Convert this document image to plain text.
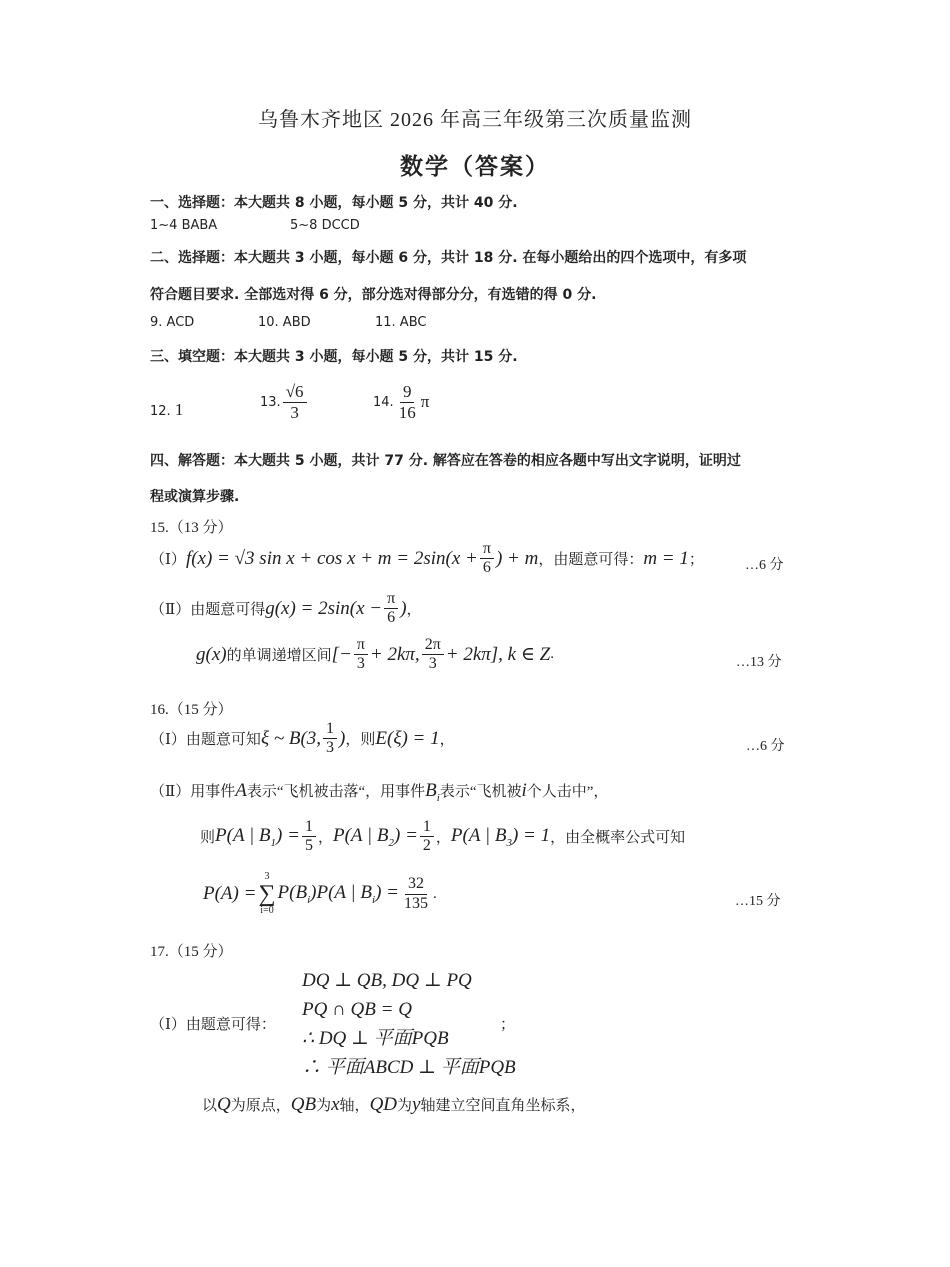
乌鲁木齐地区 2026 年高三年级第三次质量监测
数学（答案）
一、选择题：本大题共 8 小题，每小题 5 分，共计 40 分.
1~4 BABA	5~8 DCCD
二、选择题：本大题共 3 小题，每小题 6 分，共计 18 分. 在每小题给出的四个选项中，有多项
符合题目要求. 全部选对得 6 分，部分选对得部分分，有选错的得 0 分.
9. ACD	10. ABD	11. ABC
三、填空题：本大题共 3 小题，每小题 5 分，共计 15 分.
12. 1	13. $\frac{√6}{3}$	14. $\frac{9}{16}$ π
四、解答题：本大题共 5 小题，共计 77 分. 解答应在答卷的相应各题中写出文字说明，证明过
程或演算步骤.
15.（13 分）
（Ⅰ） f(x) = √3 $\sin x + \cos x + m = 2\sin(x + \frac{\pi}{6}$ ) + m ，由题意可得： m = 1 ；	…6 分
（Ⅱ）由题意可得 $g(x) = 2\sin(x - \frac{\pi}{6}$ ) ，
g(x) 的单调递增区间 [− $\frac{\pi}{3} + 2k\pi$, $\frac{2\pi}{3} + 2k\pi$], k ∈ Z .
…13 分
16.（15 分）
（Ⅰ）由题意可知 ξ ~ B(3, $\frac{1}{3}$ ) ，则 E(ξ) = 1 ，	…6 分
（Ⅱ）用事件 A 表示“飞机被击落“，用事件 $B_i$ 表示“飞机被 i 个人击中”，
则 P(A | $B_1) = \frac{1}{5}$ ， P(A | $B_2) = \frac{1}{2}$ ， P(A | $B_3) = 1$ ，由全概率公式可知
P(A) =
3
∑
i=0
$P(B_i)P(A$ | $B_i) = \frac{32}{135}$ .	…15 分
17.（15 分）
（Ⅰ）由题意可得：
DQ ⊥ QB, DQ ⊥ PQ
PQ ∩ QB = Q
∴ DQ ⊥ 平面PQB
∴ 平面ABCD ⊥ 平面PQB
；
以 Q 为原点， QB 为 x 轴， QD 为 y 轴建立空间直角坐标系，
